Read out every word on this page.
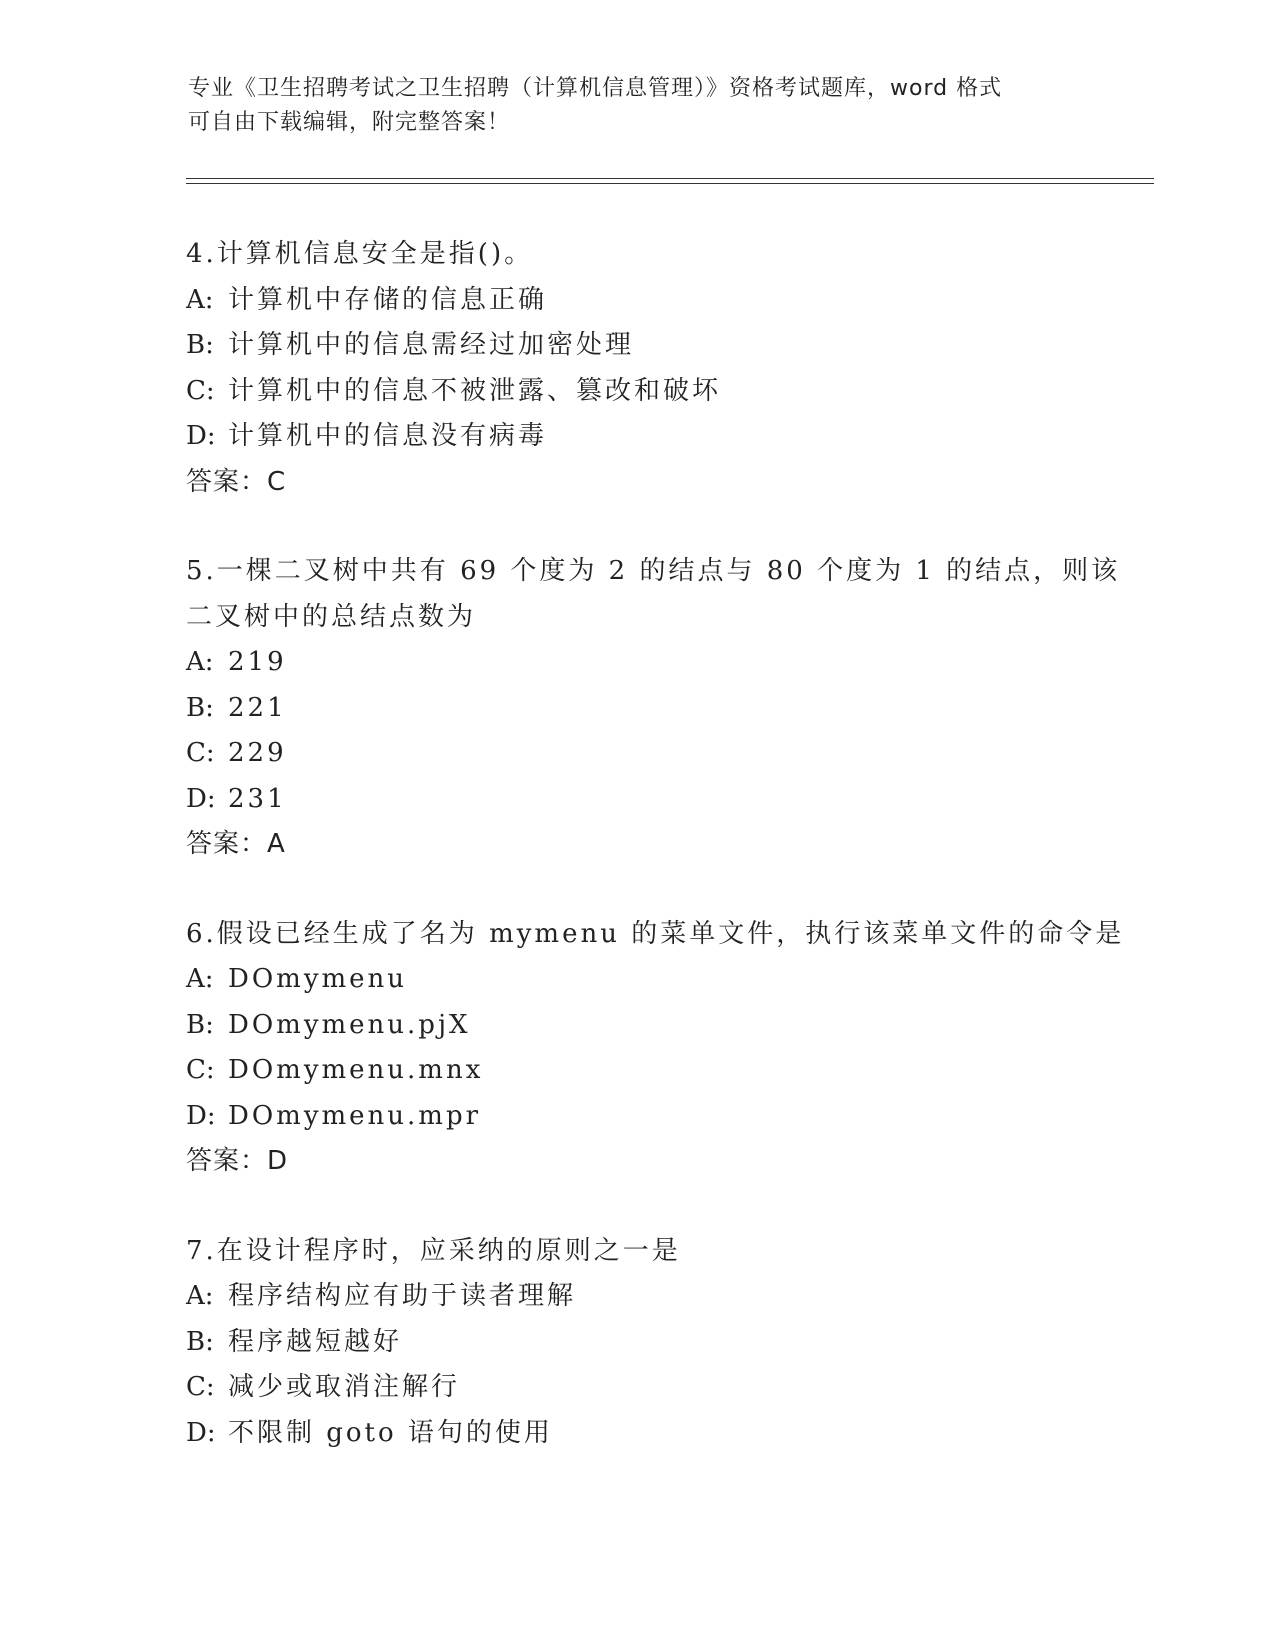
专业《卫生招聘考试之卫生招聘（计算机信息管理）》资格考试题库，word 格式
可自由下载编辑，附完整答案！
4.计算机信息安全是指()。
A: 计算机中存储的信息正确
B: 计算机中的信息需经过加密处理
C: 计算机中的信息不被泄露、篡改和破坏
D: 计算机中的信息没有病毒
答案：C
5.一棵二叉树中共有 69 个度为 2 的结点与 80 个度为 1 的结点，则该
二叉树中的总结点数为
A: 219
B: 221
C: 229
D: 231
答案：A
6.假设已经生成了名为 mymenu 的菜单文件，执行该菜单文件的命令是
A: DOmymenu
B: DOmymenu.pjX
C: DOmymenu.mnx
D: DOmymenu.mpr
答案：D
7.在设计程序时，应采纳的原则之一是
A: 程序结构应有助于读者理解
B: 程序越短越好
C: 减少或取消注解行
D: 不限制 goto 语句的使用
